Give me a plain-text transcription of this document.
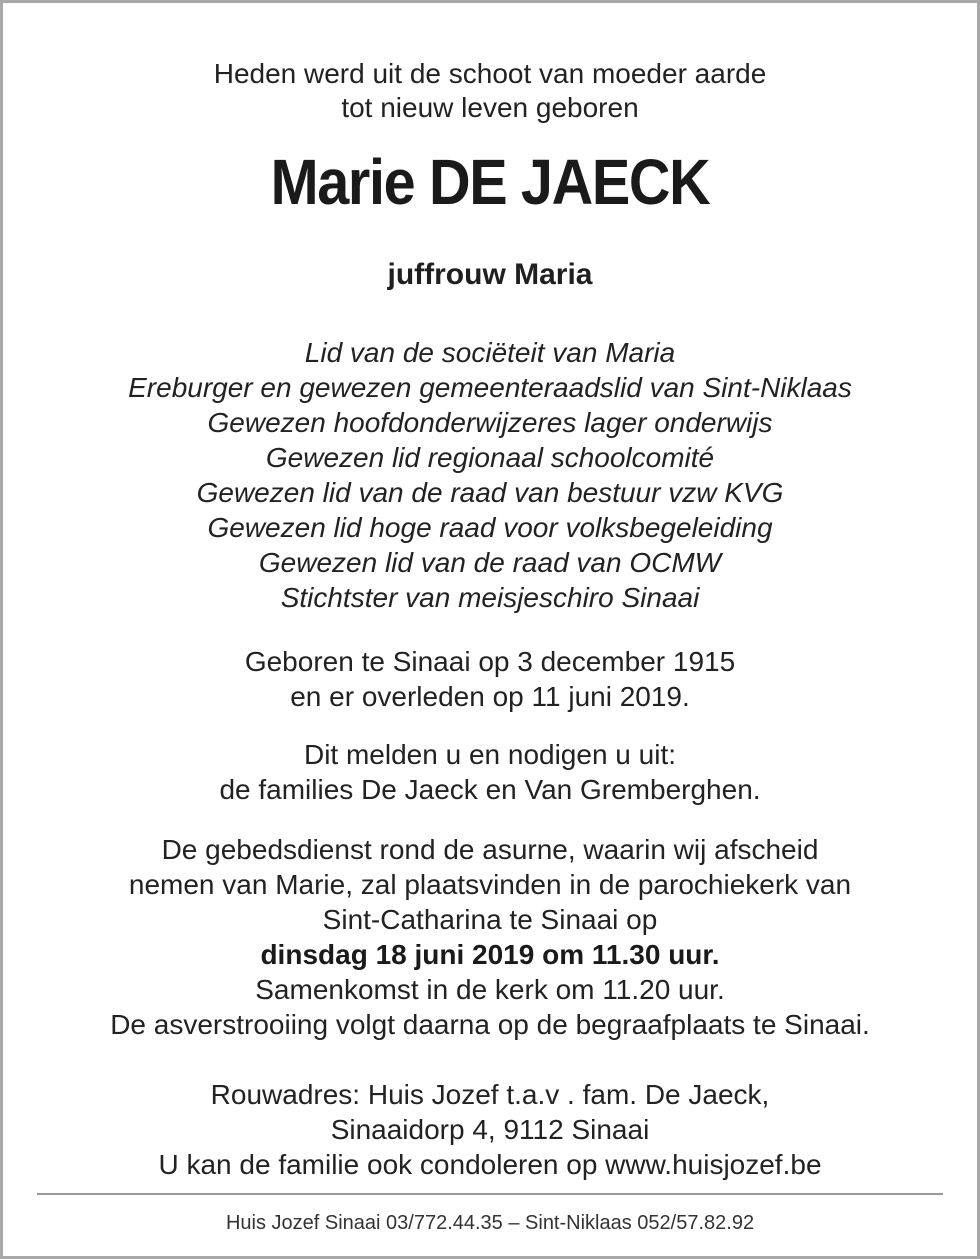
Heden werd uit de schoot van moeder aarde
tot nieuw leven geboren
Marie DE JAECK
juffrouw Maria
Lid van de sociëteit van Maria
Ereburger en gewezen gemeenteraadslid van Sint-Niklaas
Gewezen hoofdonderwijzeres lager onderwijs
Gewezen lid regionaal schoolcomité
Gewezen lid van de raad van bestuur vzw KVG
Gewezen lid hoge raad voor volksbegeleiding
Gewezen lid van de raad van OCMW
Stichtster van meisjeschiro Sinaai
Geboren te Sinaai op 3 december 1915
en er overleden op 11 juni 2019.
Dit melden u en nodigen u uit:
de families De Jaeck en Van Gremberghen.
De gebedsdienst rond de asurne, waarin wij afscheid
nemen van Marie, zal plaatsvinden in de parochiekerk van
Sint-Catharina te Sinaai op
dinsdag 18 juni 2019 om 11.30 uur.
Samenkomst in de kerk om 11.20 uur.
De asverstrooiing volgt daarna op de begraafplaats te Sinaai.
Rouwadres: Huis Jozef t.a.v . fam. De Jaeck,
Sinaaidorp 4, 9112 Sinaai
U kan de familie ook condoleren op www.huisjozef.be
Huis Jozef Sinaai 03/772.44.35 – Sint-Niklaas 052/57.82.92
